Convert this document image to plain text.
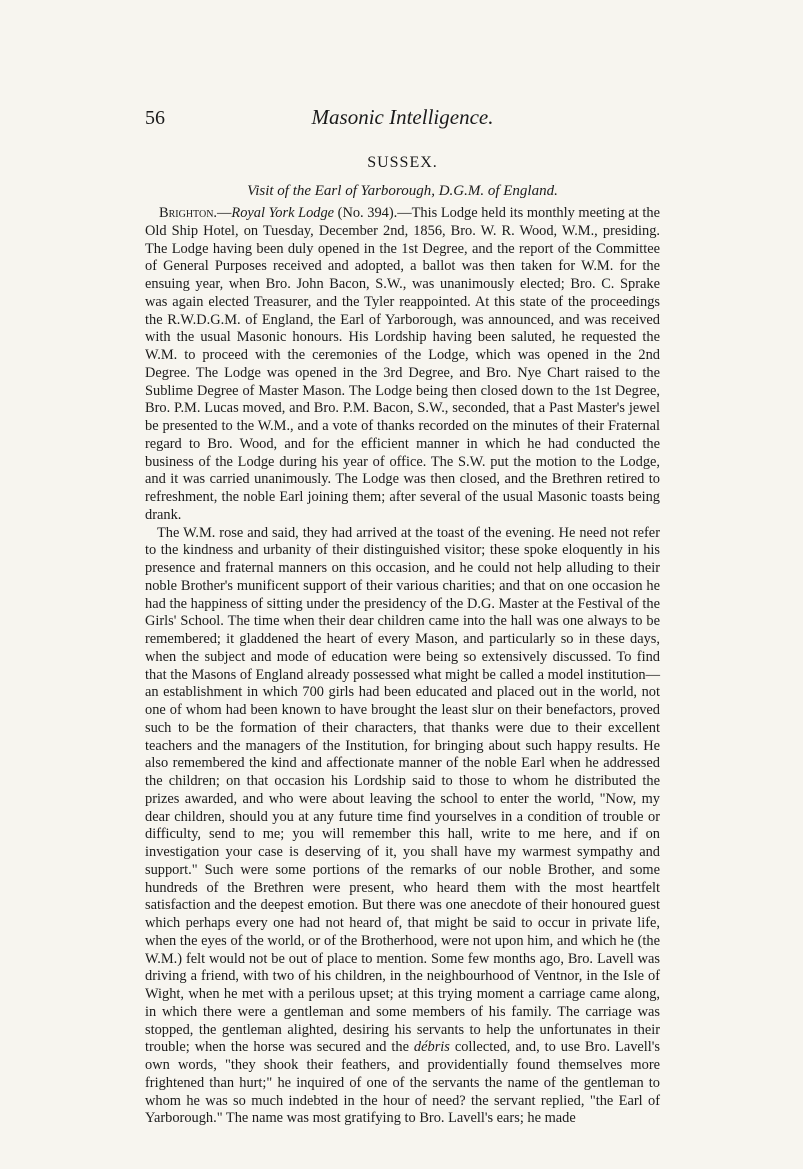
56	Masonic Intelligence.
SUSSEX.
Visit of the Earl of Yarborough, D.G.M. of England.

Brighton.—Royal York Lodge (No. 394).—This Lodge held its monthly meeting at the Old Ship Hotel, on Tuesday, December 2nd, 1856, Bro. W. R. Wood, W.M., presiding. The Lodge having been duly opened in the 1st Degree, and the report of the Committee of General Purposes received and adopted, a ballot was then taken for W.M. for the ensuing year, when Bro. John Bacon, S.W., was unanimously elected; Bro. C. Sprake was again elected Treasurer, and the Tyler reappointed. At this state of the proceedings the R.W.D.G.M. of England, the Earl of Yarborough, was announced, and was received with the usual Masonic honours. His Lordship having been saluted, he requested the W.M. to proceed with the ceremonies of the Lodge, which was opened in the 2nd Degree. The Lodge was opened in the 3rd Degree, and Bro. Nye Chart raised to the Sublime Degree of Master Mason. The Lodge being then closed down to the 1st Degree, Bro. P.M. Lucas moved, and Bro. P.M. Bacon, S.W., seconded, that a Past Master's jewel be presented to the W.M., and a vote of thanks recorded on the minutes of their Fraternal regard to Bro. Wood, and for the efficient manner in which he had conducted the business of the Lodge during his year of office. The S.W. put the motion to the Lodge, and it was carried unanimously. The Lodge was then closed, and the Brethren retired to refreshment, the noble Earl joining them; after several of the usual Masonic toasts being drank.

The W.M. rose and said, they had arrived at the toast of the evening. He need not refer to the kindness and urbanity of their distinguished visitor; these spoke eloquently in his presence and fraternal manners on this occasion, and he could not help alluding to their noble Brother's munificent support of their various charities; and that on one occasion he had the happiness of sitting under the presidency of the D.G. Master at the Festival of the Girls' School. The time when their dear children came into the hall was one always to be remembered; it gladdened the heart of every Mason, and particularly so in these days, when the subject and mode of education were being so extensively discussed. To find that the Masons of England already possessed what might be called a model institution—an establishment in which 700 girls had been educated and placed out in the world, not one of whom had been known to have brought the least slur on their benefactors, proved such to be the formation of their characters, that thanks were due to their excellent teachers and the managers of the Institution, for bringing about such happy results. He also remembered the kind and affectionate manner of the noble Earl when he addressed the children; on that occasion his Lordship said to those to whom he distributed the prizes awarded, and who were about leaving the school to enter the world, "Now, my dear children, should you at any future time find yourselves in a condition of trouble or difficulty, send to me; you will remember this hall, write to me here, and if on investigation your case is deserving of it, you shall have my warmest sympathy and support." Such were some portions of the remarks of our noble Brother, and some hundreds of the Brethren were present, who heard them with the most heartfelt satisfaction and the deepest emotion. But there was one anecdote of their honoured guest which perhaps every one had not heard of, that might be said to occur in private life, when the eyes of the world, or of the Brotherhood, were not upon him, and which he (the W.M.) felt would not be out of place to mention. Some few months ago, Bro. Lavell was driving a friend, with two of his children, in the neighbourhood of Ventnor, in the Isle of Wight, when he met with a perilous upset; at this trying moment a carriage came along, in which there were a gentleman and some members of his family. The carriage was stopped, the gentleman alighted, desiring his servants to help the unfortunates in their trouble; when the horse was secured and the débris collected, and, to use Bro. Lavell's own words, "they shook their feathers, and providentially found themselves more frightened than hurt;" he inquired of one of the servants the name of the gentleman to whom he was so much indebted in the hour of need? the servant replied, "the Earl of Yarborough." The name was most gratifying to Bro. Lavell's ears; he made
